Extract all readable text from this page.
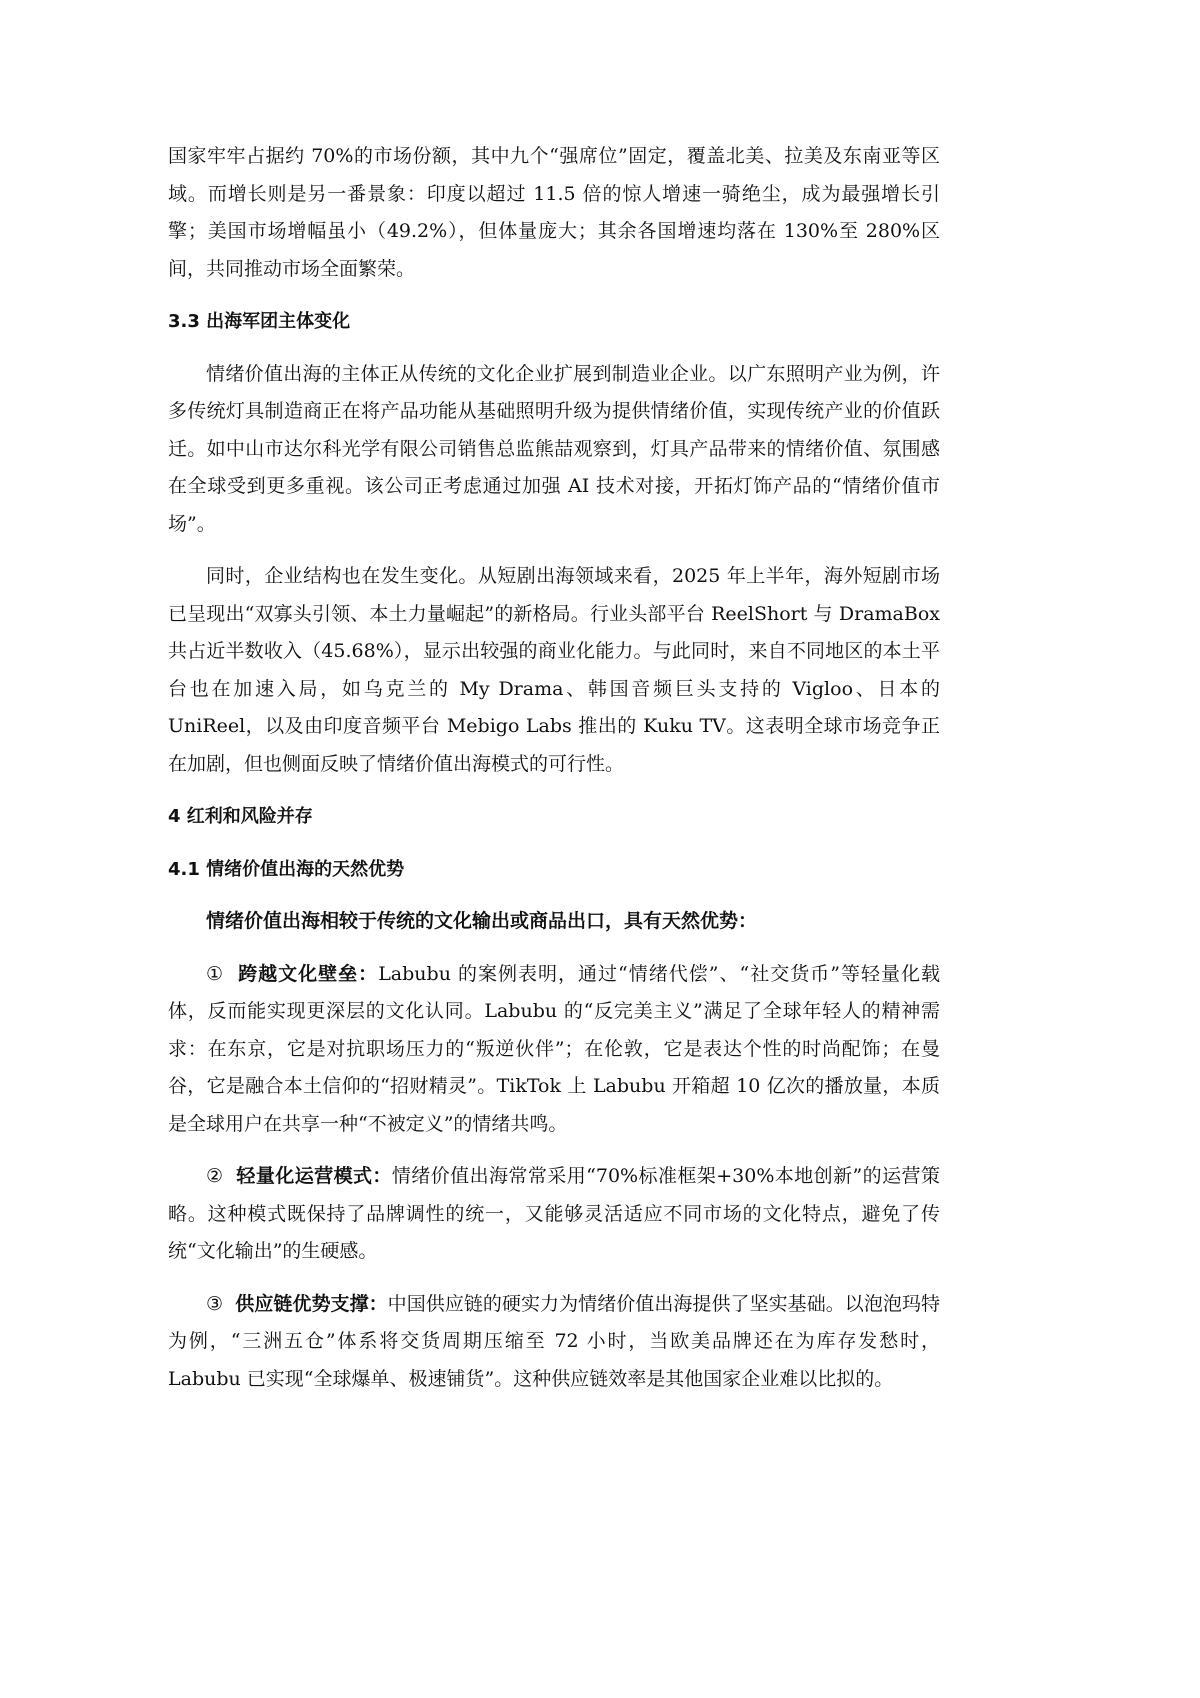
国家牢牢占据约 70%的市场份额，其中九个“强席位”固定，覆盖北美、拉美及东南亚等区域。而增长则是另一番景象：印度以超过 11.5 倍的惊人增速一骑绝尘，成为最强增长引擎；美国市场增幅虽小（49.2%），但体量庞大；其余各国增速均落在 130%至 280%区间，共同推动市场全面繁荣。

3.3 出海军团主体变化

情绪价值出海的主体正从传统的文化企业扩展到制造业企业。以广东照明产业为例，许多传统灯具制造商正在将产品功能从基础照明升级为提供情绪价值，实现传统产业的价值跃迁。如中山市达尔科光学有限公司销售总监熊喆观察到，灯具产品带来的情绪价值、氛围感在全球受到更多重视。该公司正考虑通过加强 AI 技术对接，开拓灯饰产品的“情绪价值市场”。

同时，企业结构也在发生变化。从短剧出海领域来看，2025 年上半年，海外短剧市场已呈现出“双寡头引领、本土力量崛起”的新格局。行业头部平台 ReelShort 与 DramaBox 共占近半数收入（45.68%），显示出较强的商业化能力。与此同时，来自不同地区的本土平台也在加速入局，如乌克兰的 My Drama、韩国音频巨头支持的 Vigloo、日本的 UniReel，以及由印度音频平台 Mebigo Labs 推出的 Kuku TV。这表明全球市场竞争正在加剧，但也侧面反映了情绪价值出海模式的可行性。

4 红利和风险并存
4.1 情绪价值出海的天然优势

情绪价值出海相较于传统的文化输出或商品出口，具有天然优势：

① 跨越文化壁垒：Labubu 的案例表明，通过“情绪代偿”、“社交货币”等轻量化载体，反而能实现更深层的文化认同。Labubu 的“反完美主义”满足了全球年轻人的精神需求：在东京，它是对抗职场压力的“叛逆伙伴”；在伦敦，它是表达个性的时尚配饰；在曼谷，它是融合本土信仰的“招财精灵”。TikTok 上 Labubu 开箱超 10 亿次的播放量，本质是全球用户在共享一种“不被定义”的情绪共鸣。

② 轻量化运营模式：情绪价值出海常常采用“70%标准框架+30%本地创新”的运营策略。这种模式既保持了品牌调性的统一，又能够灵活适应不同市场的文化特点，避免了传统“文化输出”的生硬感。

③ 供应链优势支撑：中国供应链的硬实力为情绪价值出海提供了坚实基础。以泡泡玛特为例，“三洲五仓”体系将交货周期压缩至 72 小时，当欧美品牌还在为库存发愁时，Labubu 已实现“全球爆单、极速铺货”。这种供应链效率是其他国家企业难以比拟的。
